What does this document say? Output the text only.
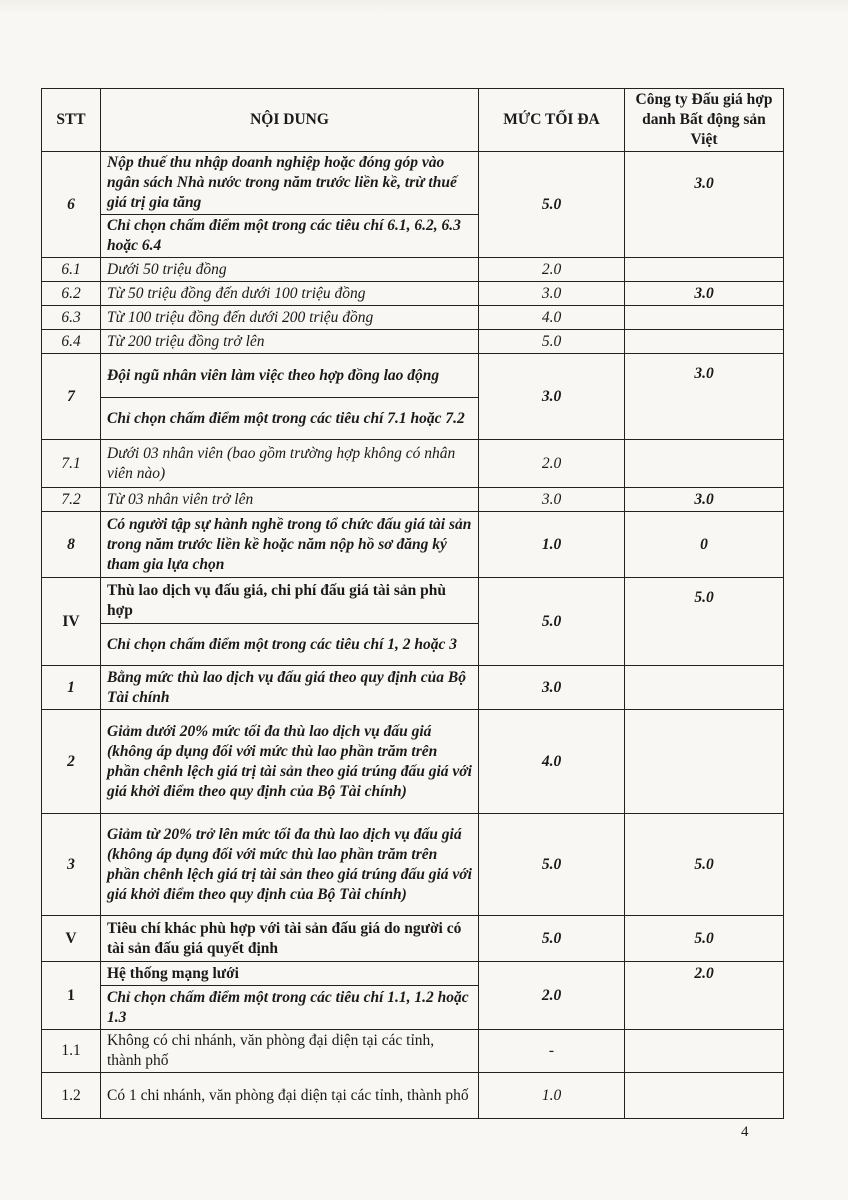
STT	NỘI DUNG	MỨC TỐI ĐA	Công ty Đấu giá hợp danh Bất động sản Việt
6	Nộp thuế thu nhập doanh nghiệp hoặc đóng góp vào ngân sách Nhà nước trong năm trước liền kề, trừ thuế giá trị gia tăng	5.0	3.0
	Chỉ chọn chấm điểm một trong các tiêu chí 6.1, 6.2, 6.3 hoặc 6.4		
6.1	Dưới 50 triệu đồng	2.0	
6.2	Từ 50 triệu đồng đến dưới 100 triệu đồng	3.0	3.0
6.3	Từ 100 triệu đồng đến dưới 200 triệu đồng	4.0	
6.4	Từ 200 triệu đồng trở lên	5.0	
7	Đội ngũ nhân viên làm việc theo hợp đồng lao động	3.0	3.0
	Chỉ chọn chấm điểm một trong các tiêu chí 7.1 hoặc 7.2		
7.1	Dưới 03 nhân viên (bao gồm trường hợp không có nhân viên nào)	2.0	
7.2	Từ 03 nhân viên trở lên	3.0	3.0
8	Có người tập sự hành nghề trong tổ chức đấu giá tài sản trong năm trước liền kề hoặc năm nộp hồ sơ đăng ký tham gia lựa chọn	1.0	0
IV	Thù lao dịch vụ đấu giá, chi phí đấu giá tài sản phù hợp	5.0	5.0
	Chỉ chọn chấm điểm một trong các tiêu chí 1, 2 hoặc 3		
1	Bằng mức thù lao dịch vụ đấu giá theo quy định của Bộ Tài chính	3.0	
2	Giảm dưới 20% mức tối đa thù lao dịch vụ đấu giá (không áp dụng đối với mức thù lao phần trăm trên phần chênh lệch giá trị tài sản theo giá trúng đấu giá với giá khởi điểm theo quy định của Bộ Tài chính)	4.0	
3	Giảm từ 20% trở lên mức tối đa thù lao dịch vụ đấu giá (không áp dụng đối với mức thù lao phần trăm trên phần chênh lệch giá trị tài sản theo giá trúng đấu giá với giá khởi điểm theo quy định của Bộ Tài chính)	5.0	5.0
V	Tiêu chí khác phù hợp với tài sản đấu giá do người có tài sản đấu giá quyết định	5.0	5.0
1	Hệ thống mạng lưới	2.0	2.0
	Chỉ chọn chấm điểm một trong các tiêu chí 1.1, 1.2 hoặc 1.3		
1.1	Không có chi nhánh, văn phòng đại diện tại các tỉnh, thành phố	-	
1.2	Có 1 chi nhánh, văn phòng đại diện tại các tỉnh, thành phố	1.0	
4
